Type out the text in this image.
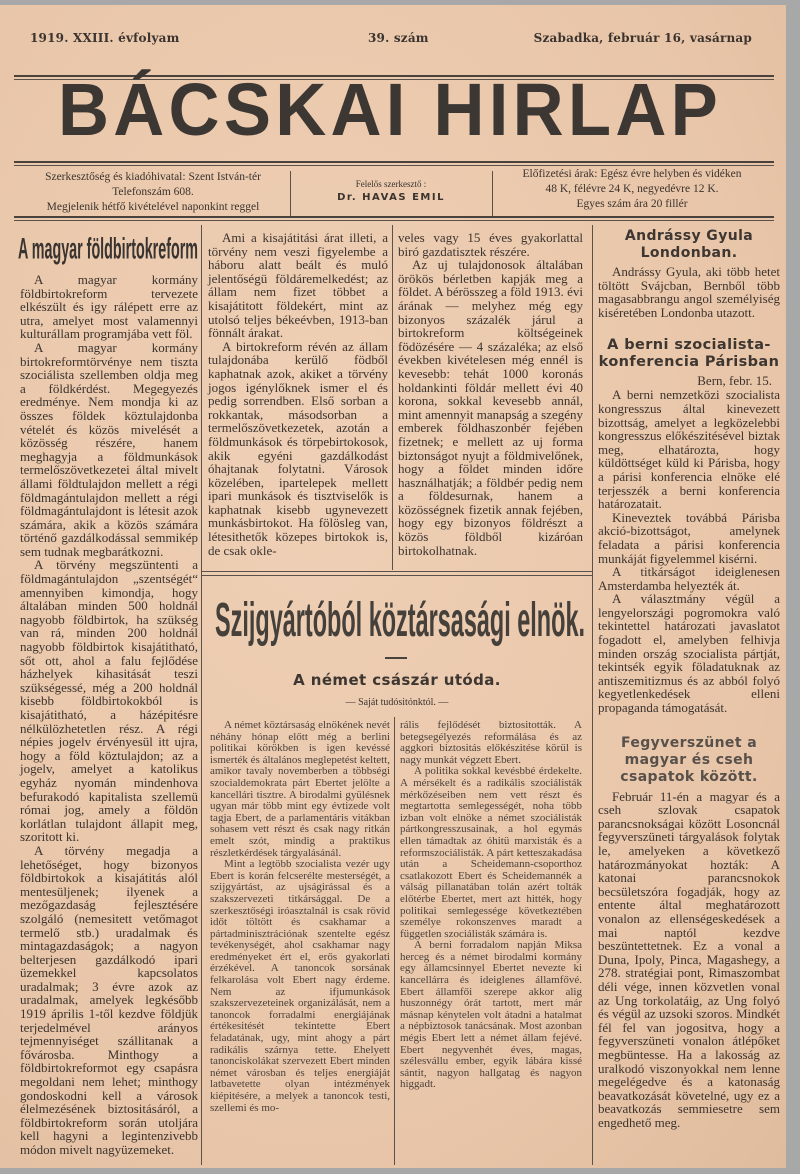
1919. XXIII. évfolyam	39. szám	Szabadka, február 16, vasárnap
BÁCSKAI HIRLAP
Szerkesztőség és kiadóhivatal: Szent István-tér
Telefonszám 608.
Megjelenik hétfő kivételével naponkint reggel
Felelős szerkesztő :
Dr. HAVAS EMIL
Előfizetési árak: Egész évre helyben és vidéken
48 K, félévre 24 K, negyedévre 12 K.
Egyes szám ára 20 fillér
A magyar földbirtokreform

A magyar kormány földbirtokreform tervezete elkészült és igy rálépett erre az utra, amelyet most valamennyi kulturállam programjába vett föl.

A magyar kormány birtokreformtörvénye nem tiszta szociálista szellemben oldja meg a földkérdést. Megegyezés eredménye. Nem mondja ki az összes földek köztulajdonba vételét és közös mivelését a közösség részére, hanem meghagyja a földmunkások termelőszövetkezetei által mivelt állami földtulajdon mellett a régi földmagántulajdon mellett a régi földmagántulajdont is létesit azok számára, akik a közös számára történő gazdálkodással semmikép sem tudnak megbarátkozni.

A törvény megszüntenti a földmagántulajdon „szentségét“ amennyiben kimondja, hogy általában minden 500 holdnál nagyobb földbirtok, ha szükség van rá, minden 200 holdnál nagyobb földbirtok kisajátitható, sőt ott, ahol a falu fejlődése házhelyek kihasitását teszi szükségessé, még a 200 holdnál kisebb földbirtokokból is kisajátitható, a házépitésre nélkülözhetetlen rész. A régi népies jogelv érvényesül itt ujra, hogy a föld köztulajdon; az a jogelv, amelyet a katolikus egyház nyomán mindenhova befurakodó kapitalista szellemü római jog, amely a földön korlátlan tulajdont állapit meg, szoritott ki.

A törvény megadja a lehetőséget, hogy bizonyos földbirtokok a kisajátitás alól mentesüljenek; ilyenek a mezőgazdaság fejlesztésére szolgáló (nemesitett vetőmagot termelő stb.) uradalmak és mintagazdaságok; a nagyon belterjesen gazdálkodó ipari üzemekkel kapcsolatos uradalmak; 3 évre azok az uradalmak, amelyek legkésőbb 1919 április 1-től kezdve földjük terjedelmével arányos tejmennyiséget szállitanak a fővárosba. Minthogy a földbirtokreformot egy csapásra megoldani nem lehet; minthogy gondoskodni kell a városok élelmezésének biztositásáról, a földbirtokreform során utoljára kell hagyni a legintenzivebb módon mivelt nagyüzemeket.

Ami a kisajátitási árat illeti, a törvény nem veszi figyelembe a háboru alatt beált és muló jelentőségü földáremelkedést; az állam nem fizet többet a kisajátitott földekért, mint az utolsó teljes békeévben, 1913-ban fönnált árakat.

A birtokreform révén az állam tulajdonába kerülő födből kaphatnak azok, akiket a törvény jogos igénylőknek ismer el és pedig sorrendben. Első sorban a rokkantak, másodsorban a termelőszövetkezetek, azotán a földmunkások és törpebirtokosok, akik egyéni gazdálkodást óhajtanak folytatni. Városok közelében, ipartelepek mellett ipari munkások és tisztviselők is kaphatnak kisebb ugynevezett munkásbirtokot. Ha fölösleg van, létesithetők közepes birtokok is, de csak okle-

veles vagy 15 éves gyakorlattal biró gazdatisztek részére.

Az uj tulajdonosok általában örökös bérletben kapják meg a földet. A bérösszeg a föld 1913. évi árának — melyhez még egy bizonyos százalék járul a birtokreform költségeinek födözésére — 4 százaléka; az első években kivételesen még ennél is kevesebb: tehát 1000 koronás holdankinti földár mellett évi 40 korona, sokkal kevesebb annál, mint amennyit manapság a szegény emberek földhaszonbér fejében fizetnek; e mellett az uj forma biztonságot nyujt a földmivelőnek, hogy a földet minden időre használhatják; a földbér pedig nem a földesurnak, hanem a közösségnek fizetik annak fejében, hogy egy bizonyos földrészt a közös földből kizáróan birtokolhatnak.

Szijgyártóból köztársasági elnök.
A német császár utóda.
— Saját tudósitónktól. —

A német köztársaság elnökének nevét néhány hónap előtt még a berlini politikai körökben is igen kevéssé ismerték és általános meglepetést keltett, amikor tavaly novemberben a többségi szocialdemokrata párt Ebertet jelölte a kancellári tisztre. A birodalmi gyülésnek ugyan már több mint egy évtizede volt tagja Ebert, de a parlamentáris vitákban sohasem vett részt és csak nagy ritkán emelt szót, mindig a praktikus részletkérdések tárgyalásánál.

Mint a legtöbb szocialista vezér ugy Ebert is korán felcserélte mesterségét, a szijgyártást, az ujságirással és a szakszervezeti titkársággal. De a szerkesztőségi iróasztalnál is csak rövid időt töltött és csakhamar a pártadminisztrációnak szentelte egész tevékenységét, ahol csakhamar nagy eredményeket ért el, erős gyakorlati érzékével. A tanoncok sorsának felkarolása volt Ebert nagy érdeme. Nem az ifjumunkások szakszervezeteinek organizálását, nem a tanoncok forradalmi energiájának értékesitését tekintette Ebert feladatának, ugy, mint ahogy a párt radikális szárnya tette. Ehelyett tanonciskolákat szervezett Ebert minden német városban és teljes energiáját latbavetette olyan intézmények kiépitésére, a melyek a tanoncok testi, szellemi és mo-

rális fejlődését biztositották. A betegsegélyezés reformálása és az aggkori biztositás előkészitése körül is nagy munkát végzett Ebert.

A politika sokkal kevésbbé érdekelte. A mérsékelt és a radikális szociálisták mérkőzéseiben nem vett részt és megtartotta semlegességét, noha több izban volt elnöke a német szociálisták pártkongresszusainak, a hol egymás ellen támadtak az óhitü marxisták és a reformszociálisták. A párt ketteszakadása után a Scheidemann-csoporthoz csatlakozott Ebert és Scheidemannék a válság pillanatában tolán azért tolták előtérbe Ebertet, mert azt hitték, hogy politikai semlegessége következtében személye rokonszenves maradt a független szociálisták számára is.

A berni forradalom napján Miksa herceg és a német birodalmi kormány egy államcsinnyel Ebertet nevezte ki kancellárra és ideiglenes államfővé. Ebert államfői szerepe akkor alig huszonnégy órát tartott, mert már másnap kénytelen volt átadni a hatalmat a népbiztosok tanácsának. Most azonban mégis Ebert lett a német állam fejévé. Ebert negyvenhét éves, magas, szélesvállu ember, egyik lábára kissé sántit, nagyon hallgatag és nagyon higgadt.

Andrássy Gyula Londonban.

Andrássy Gyula, aki több hetet töltött Svájcban, Bernből több magasabbrangu angol személyiség kiséretében Londonba utazott.

A berni szocialista-konferencia Párisban
Bern, febr. 15.

A berni nemzetközi szocialista kongresszus által kinevezett bizottság, amelyet a legközelebbi kongresszus előkészitésével biztak meg, elhatározta, hogy küldöttséget küld ki Párisba, hogy a párisi konferencia elnöke elé terjesszék a berni konferencia határozatait.

Kineveztek továbbá Párisba akció-bizottságot, amelynek feladata a párisi konferencia munkáját figyelemmel kisérni.

A titkárságot ideiglenesen Amsterdamba helyezték át.

A választmány végül a lengyelországi pogromokra való tekintettel határozati javaslatot fogadott el, amelyben felhivja minden ország szocialista pártját, tekintsék egyik föladatuknak az antiszemitizmus és az abból folyó kegyetlenkedések elleni propaganda támogatását.

Fegyverszünet a magyar és cseh csapatok között.

Február 11-én a magyar és a cseh szlovak csapatok parancsnokságai között Losoncnál fegyverszüneti tárgyalások folytak le, amelyeken a következő határozmányokat hozták: A katonai parancsnokok becsületszóra fogadják, hogy az entente által meghatározott vonalon az ellenségeskedések a mai naptól kezdve beszüntettetnek. Ez a vonal a Duna, Ipoly, Pinca, Magashegy, a 278. stratégiai pont, Rimaszombat déli vége, innen közvetlen vonal az Ung torkolatáig, az Ung folyó és végül az uzsoki szoros. Mindkét fél fel van jogositva, hogy a fegyverszüneti vonalon átlépőket megbüntesse. Ha a lakosság az uralkodó viszonyokkal nem lenne megelégedve és a katonaság beavatkozását követelné, ugy ez a beavatkozás semmiesetre sem engedhető meg.
